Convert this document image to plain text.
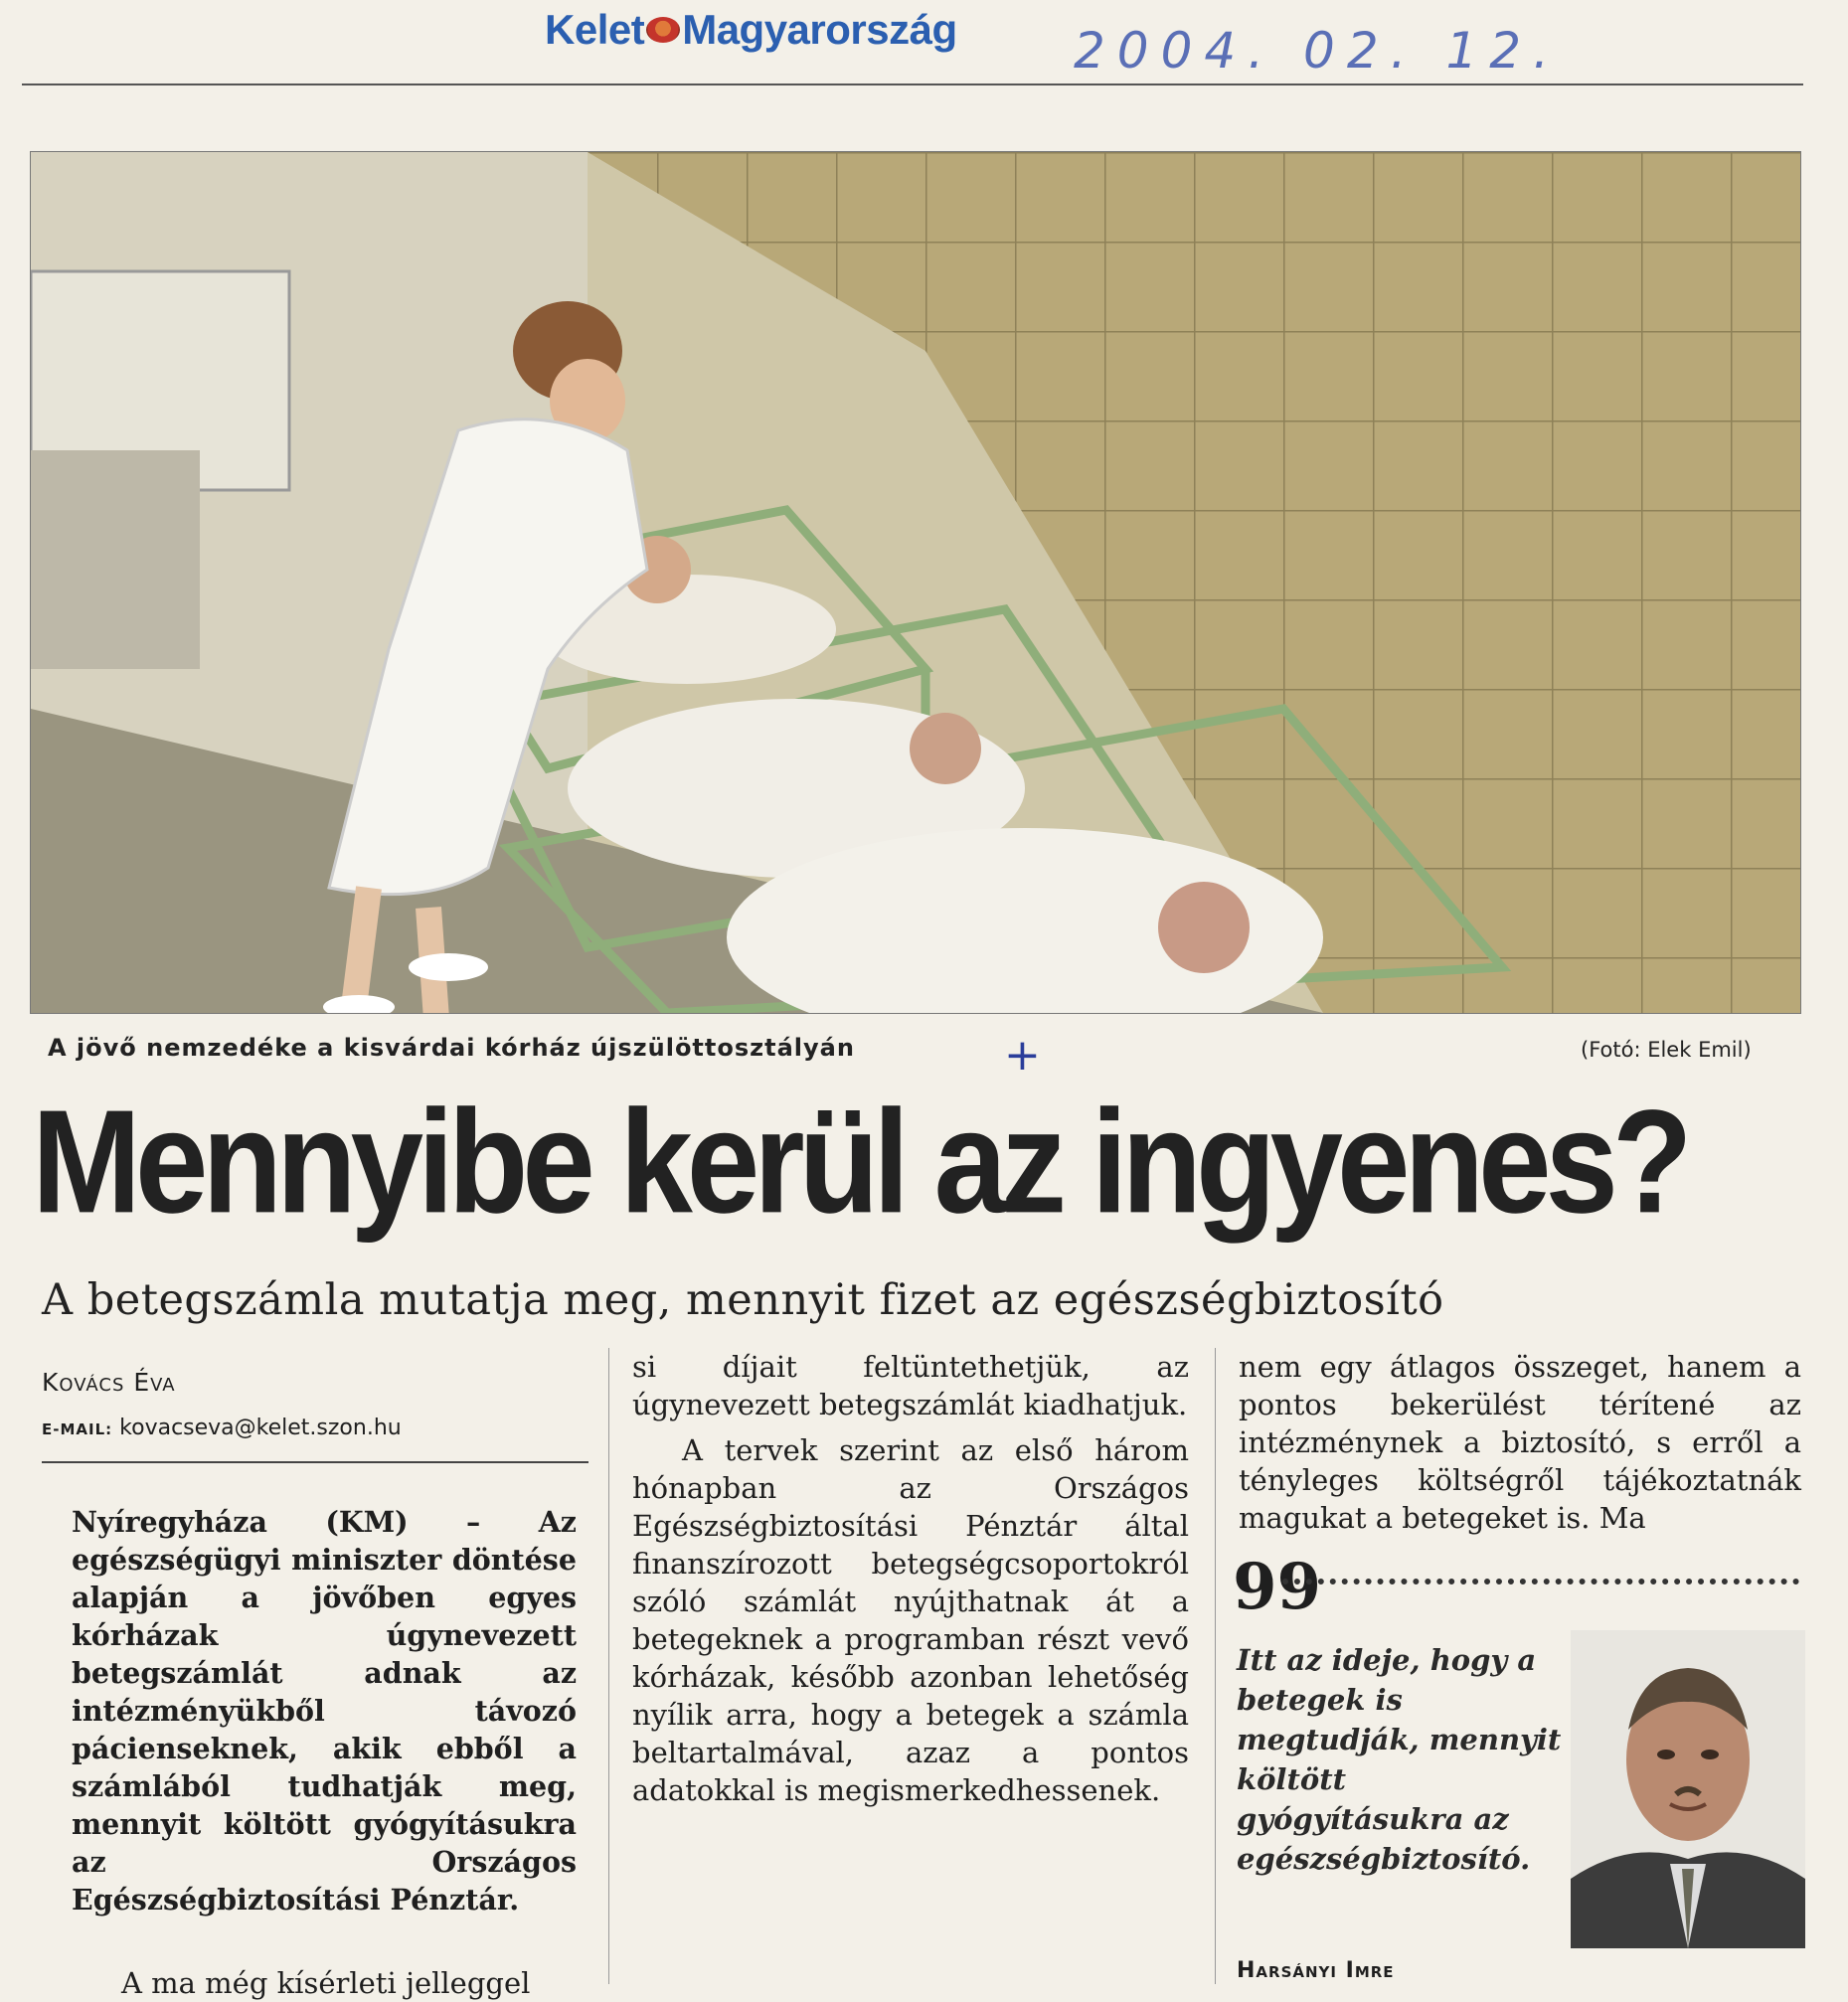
Kelet Magyarország 2004. 02. 12.
A jövő nemzedéke a kisvárdai kórház újszülöttosztályán	+	(Fotó: Elek Emil)
Mennyibe kerül az ingyenes?
A betegszámla mutatja meg, mennyit fizet az egészségbiztosító
Kovács Éva
E-MAIL: kovacseva@kelet.szon.hu

Nyíregyháza (KM) – Az egészségügyi miniszter döntése alapján a jövőben egyes kórházak úgynevezett betegszámlát adnak az intézményükből távozó pácienseknek, akik ebből a számlából tudhatják meg, mennyit költött gyógyításukra az Országos Egészségbiztosítási Pénztár.

A ma még kísérleti jelleggel

si díjait feltüntethetjük, az úgynevezett betegszámlát kiadhatjuk.

A tervek szerint az első három hónapban az Országos Egészségbiztosítási Pénztár által finanszírozott betegségcsoportokról szóló számlát nyújthatnak át a betegeknek a programban részt vevő kórházak, később azonban lehetőség nyílik arra, hogy a betegek a számla beltartalmával, azaz a pontos adatokkal is megismerkedhessenek.

nem egy átlagos összeget, hanem a pontos bekerülést térítené az intézménynek a biztosító, s erről a tényleges költségről tájékoztatnák magukat a betegeket is. Ma

99
Itt az ideje, hogy a betegek is megtudják, mennyit költött gyógyításukra az egészségbiztosító.
Harsányi Imre
